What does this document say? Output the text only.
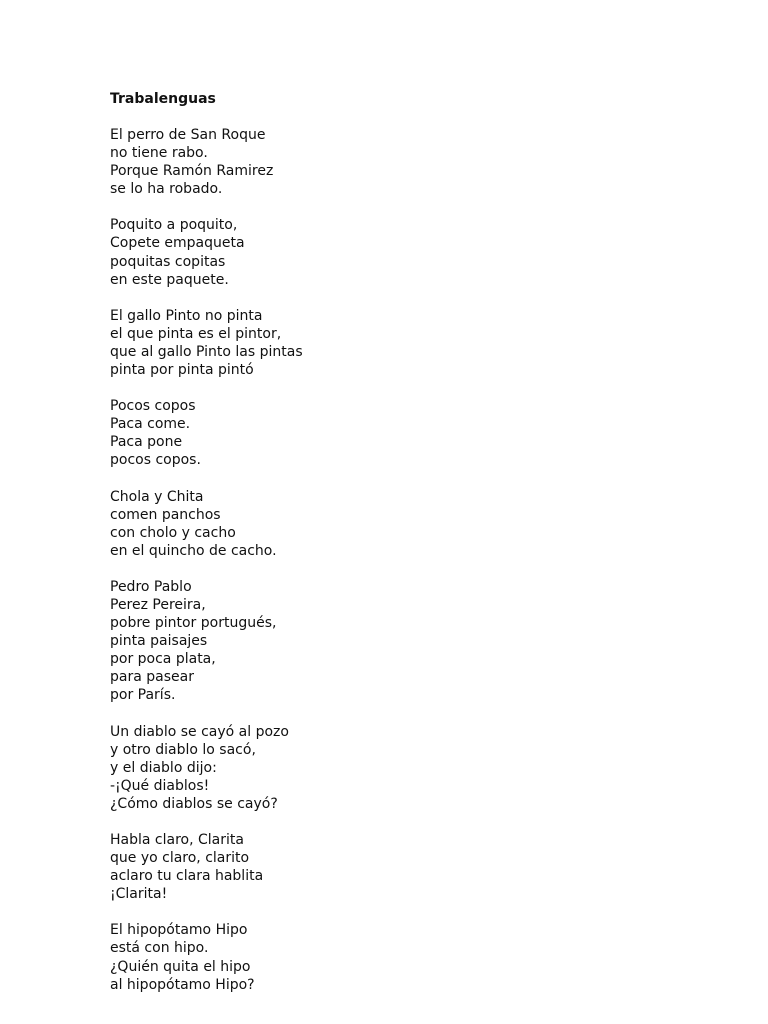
Trabalenguas
El perro de San Roque
no tiene rabo.
Porque Ramón Ramirez
se lo ha robado.
Poquito a poquito,
Copete empaqueta
poquitas copitas
en este paquete.
El gallo Pinto no pinta
el que pinta es el pintor,
que al gallo Pinto las pintas
pinta por pinta pintó
Pocos copos
Paca come.
Paca pone
pocos copos.
Chola y Chita
comen panchos
con cholo y cacho
en el quincho de cacho.
Pedro Pablo
Perez Pereira,
pobre pintor portugués,
pinta paisajes
por poca plata,
para pasear
por París.
Un diablo se cayó al pozo
y otro diablo lo sacó,
y el diablo dijo:
-¡Qué diablos!
¿Cómo diablos se cayó?
Habla claro, Clarita
que yo claro, clarito
aclaro tu clara hablita
¡Clarita!
El hipopótamo Hipo
está con hipo.
¿Quién quita el hipo
al hipopótamo Hipo?
